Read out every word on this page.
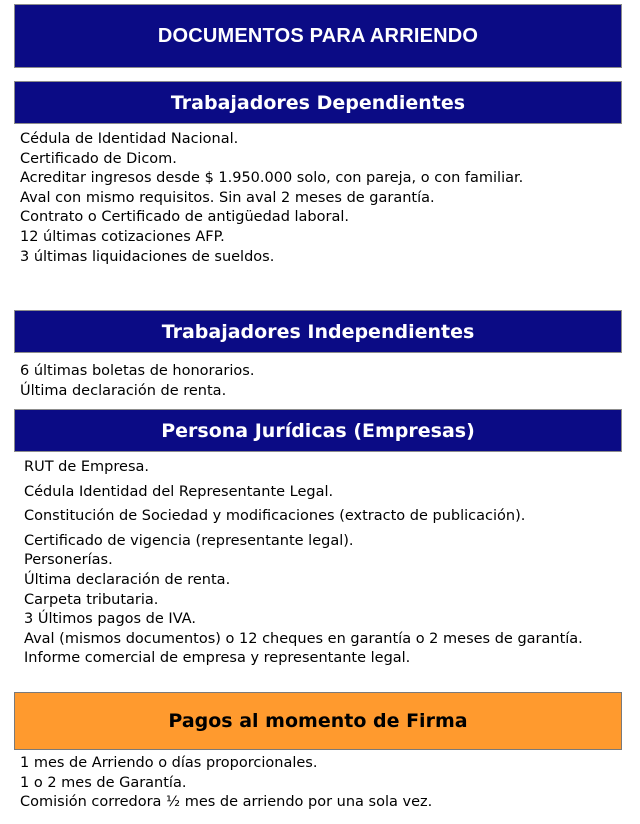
DOCUMENTOS PARA ARRIENDO
Trabajadores Dependientes
Cédula de Identidad Nacional.
Certificado de Dicom.
Acreditar ingresos desde $ 1.950.000 solo, con pareja, o con familiar.
Aval con mismo requisitos. Sin aval 2 meses de garantía.
Contrato o Certificado de antigüedad laboral.
12 últimas cotizaciones AFP.
3 últimas liquidaciones de sueldos.
Trabajadores Independientes
6 últimas boletas de honorarios.
Última declaración de renta.
Persona Jurídicas (Empresas)
RUT de Empresa.
Cédula Identidad del Representante Legal.
Constitución de Sociedad y modificaciones (extracto de publicación).
Certificado de vigencia (representante legal).
Personerías.
Última declaración de renta.
Carpeta tributaria.
3 Últimos pagos de IVA.
Aval (mismos documentos) o 12 cheques en garantía o 2 meses de garantía.
Informe comercial de empresa y representante legal.
Pagos al momento de Firma
1 mes de Arriendo o días proporcionales.
1 o 2 mes de Garantía.
Comisión corredora ½ mes de arriendo por una sola vez.
